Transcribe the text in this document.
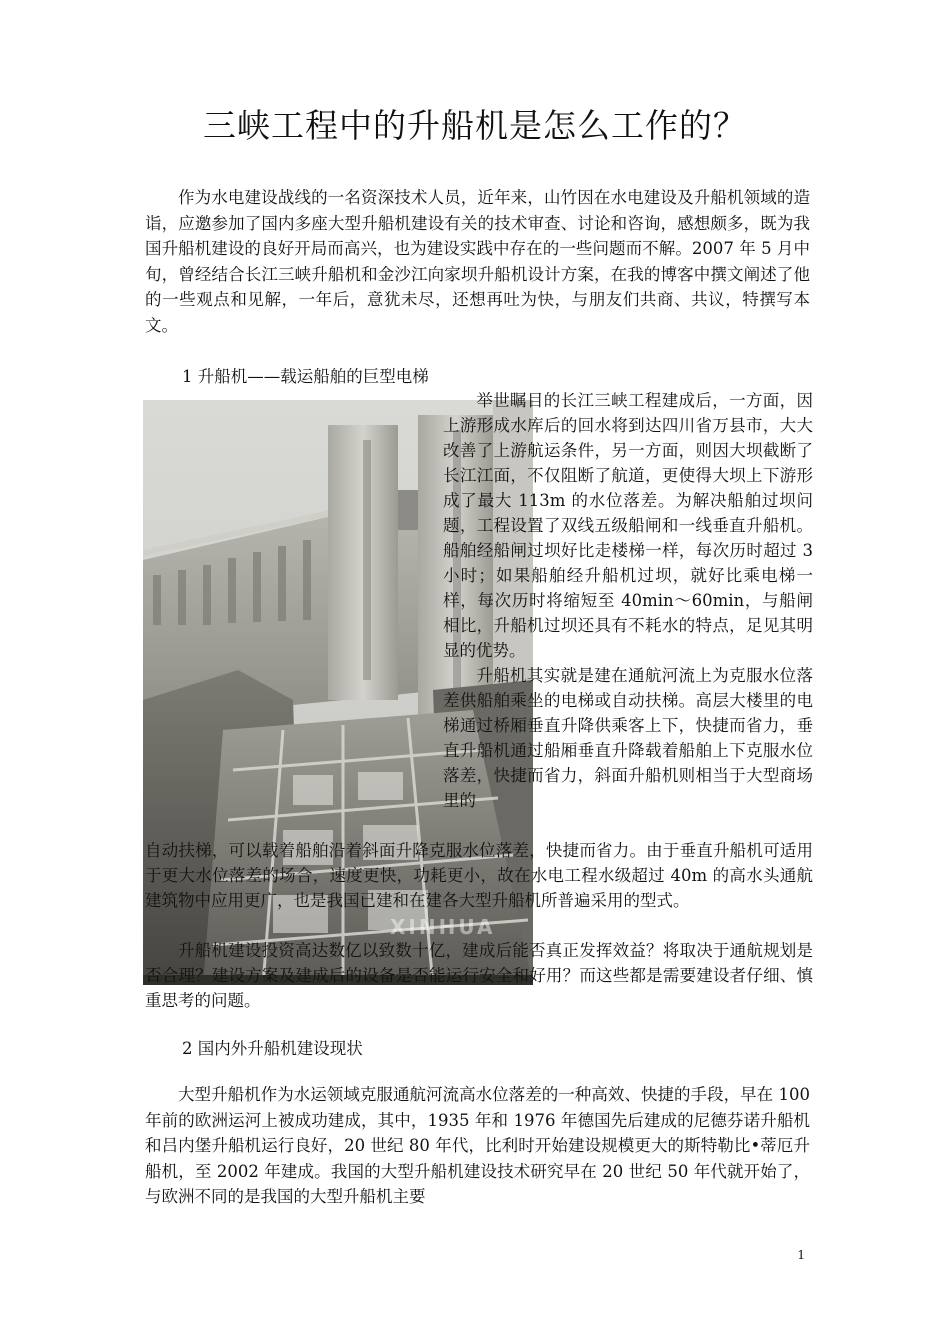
三峡工程中的升船机是怎么工作的？

作为水电建设战线的一名资深技术人员，近年来，山竹因在水电建设及升船机领域的造诣，应邀参加了国内多座大型升船机建设有关的技术审查、讨论和咨询，感想颇多，既为我国升船机建设的良好开局而高兴，也为建设实践中存在的一些问题而不解。2007 年 5 月中旬，曾经结合长江三峡升船机和金沙江向家坝升船机设计方案，在我的博客中撰文阐述了他的一些观点和见解，一年后，意犹未尽，还想再吐为快，与朋友们共商、共议，特撰写本文。

1 升船机——载运船舶的巨型电梯

举世瞩目的长江三峡工程建成后，一方面，因上游形成水库后的回水将到达四川省万县市，大大改善了上游航运条件，另一方面，则因大坝截断了长江江面，不仅阻断了航道，更使得大坝上下游形成了最大 113m 的水位落差。为解决船舶过坝问题，工程设置了双线五级船闸和一线垂直升船机。船舶经船闸过坝好比走楼梯一样，每次历时超过 3 小时；如果船舶经升船机过坝，就好比乘电梯一样，每次历时将缩短至 40min～60min，与船闸相比，升船机过坝还具有不耗水的特点，足见其明显的优势。
升船机其实就是建在通航河流上为克服水位落差供船舶乘坐的电梯或自动扶梯。高层大楼里的电梯通过桥厢垂直升降供乘客上下，快捷而省力，垂直升船机通过船厢垂直升降载着船舶上下克服水位落差，快捷而省力，斜面升船机则相当于大型商场里的

自动扶梯，可以载着船舶沿着斜面升降克服水位落差，快捷而省力。由于垂直升船机可适用于更大水位落差的场合，速度更快，功耗更小，故在水电工程水级超过 40m 的高水头通航建筑物中应用更广，也是我国已建和在建各大型升船机所普遍采用的型式。

XINHUA

升船机建设投资高达数亿以致数十亿，建成后能否真正发挥效益？将取决于通航规划是否合理？建设方案及建成后的设备是否能运行安全和好用？而这些都是需要建设者仔细、慎重思考的问题。

2 国内外升船机建设现状

大型升船机作为水运领域克服通航河流高水位落差的一种高效、快捷的手段，早在 100 年前的欧洲运河上被成功建成，其中，1935 年和 1976 年德国先后建成的尼德芬诺升船机和吕内堡升船机运行良好，20 世纪 80 年代，比利时开始建设规模更大的斯特勒比•蒂厄升船机，至 2002 年建成。我国的大型升船机建设技术研究早在 20 世纪 50 年代就开始了，与欧洲不同的是我国的大型升船机主要

1
